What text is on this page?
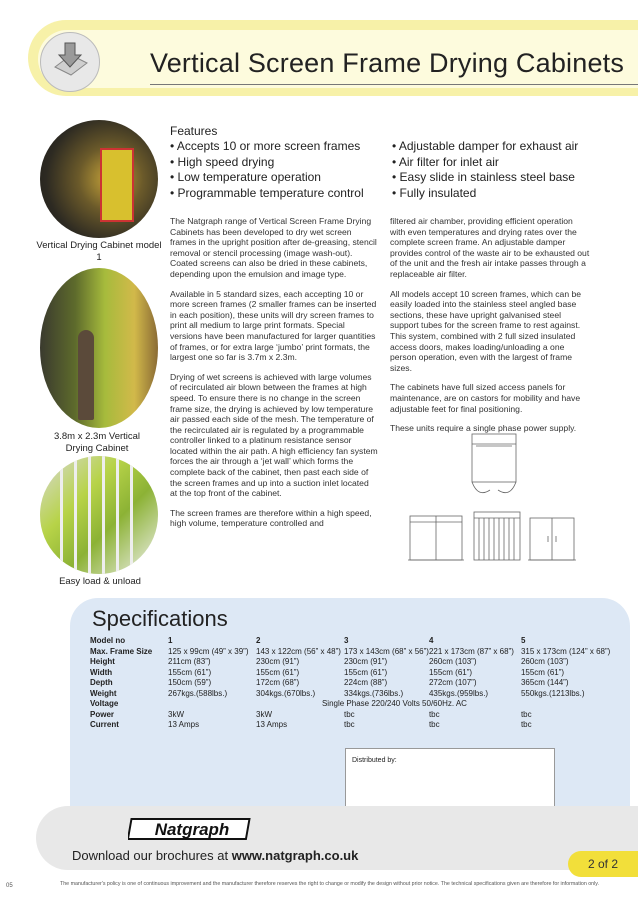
Vertical Screen Frame Drying Cabinets
Vertical Drying Cabinet model 1
3.8m x 2.3m Vertical Drying Cabinet
Easy load & unload
Features
• Accepts 10 or more screen frames
• High speed drying
• Low temperature operation
• Programmable temperature control
• Adjustable damper for exhaust air
• Air filter for inlet air
• Easy slide in stainless steel base
• Fully insulated

The Natgraph range of Vertical Screen Frame Drying Cabinets has been developed to dry wet screen frames in the upright position after de-greasing, stencil removal or stencil processing (image wash-out). Coated screens can also be dried in these cabinets, depending upon the emulsion and image type.

Available in 5 standard sizes, each accepting 10 or more screen frames (2 smaller frames can be inserted in each position), these units will dry screen frames to print all medium to large print formats. Special versions have been manufactured for larger quantities of frames, or for extra large ‘jumbo’ print formats, the largest one so far is 3.7m x 2.3m.

Drying of wet screens is achieved with large volumes of recirculated air blown between the frames at high speed. To ensure there is no change in the screen frame size, the drying is achieved by low temperature air passed each side of the mesh. The temperature of the recirculated air is regulated by a programmable controller linked to a platinum resistance sensor located within the air path. A high efficiency fan system forces the air through a ‘jet wall’ which forms the complete back of the cabinet, then past each side of the screen frames and up into a suction inlet located at the top front of the cabinet.

The screen frames are therefore within a high speed, high volume, temperature controlled and

filtered air chamber, providing efficient operation with even temperatures and drying rates over the complete screen frame. An adjustable damper provides control of the waste air to be exhausted out of the unit and the fresh air intake passes through a replaceable air filter.

All models accept 10 screen frames, which can be easily loaded into the stainless steel angled base sections, these have upright galvanised steel support tubes for the screen frame to rest against. This system, combined with 2 full sized insulated access doors, makes loading/unloading a one person operation, even with the largest of frame sizes.

The cabinets have full sized access panels for maintenance, are on castors for mobility and have adjustable feet for final positioning.

These units require a single phase power supply.

Specifications
Model no	1	2	3	4	5
Max. Frame Size	125 x 99cm (49” x 39”)	143 x 122cm (56” x 48”)	173 x 143cm (68” x 56”)	221 x 173cm (87” x 68”)	315 x 173cm (124” x 68”)
Height	211cm (83”)	230cm (91”)	230cm (91”)	260cm (103”)	260cm (103”)
Width	155cm (61”)	155cm (61”)	155cm (61”)	155cm (61”)	155cm (61”)
Depth	150cm (59”)	172cm (68”)	224cm (88”)	272cm (107”)	365cm (144”)
Weight	267kgs.(588lbs.)	304kgs.(670lbs.)	334kgs.(736lbs.)	435kgs.(959lbs.)	550kgs.(1213lbs.)
Voltage	Single Phase 220/240 Volts 50/60Hz. AC				
Power	3kW	3kW	tbc	tbc	tbc
Current	13 Amps	13 Amps	tbc	tbc	tbc
Distributed by:
Natgraph
Download our brochures at www.natgraph.co.uk
2 of 2
05	The manufacturer's policy is one of continuous improvement and the manufacturer therefore reserves the right to change or modify the design without prior notice. The technical specifications given are therefore for information only.
